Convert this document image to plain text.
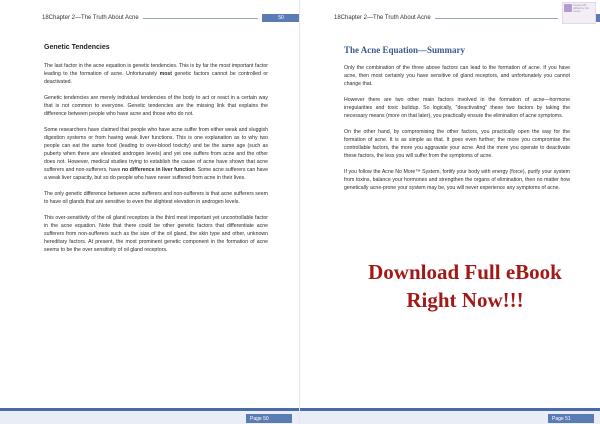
18Chapter 2—The Truth About Acne	50
Genetic Tendencies

The last factor in the acne equation is genetic tendencies. This is by far the most important factor leading to the formation of acne. Unfortunately most genetic factors cannot be controlled or deactivated.

Genetic tendencies are merely individual tendencies of the body to act or react in a certain way that is not common to everyone. Genetic tendencies are the missing link that explains the difference between people who have acne and those who do not.

Some researchers have claimed that people who have acne suffer from either weak and sluggish digestion systems or from having weak liver functions. This is one explanation as to why two people can eat the same food (leading to over-blood toxicity) and be the same age (such as puberty when there are elevated androgen levels) and yet one suffers from acne and the other does not. However, medical studies trying to establish the cause of acne have shown that acne sufferers and non-sufferers, have no difference in liver function. Some acne sufferers can have a weak liver capacity, but so do people who have never suffered from acne in their lives.

The only genetic difference between acne sufferers and non-sufferers is that acne sufferers seem to have oil glands that are sensitive to even the slightest elevation in androgen levels.

This over-sensitivity of the oil gland receptors is the third most important yet uncontrollable factor in the acne equation. Note that there could be other genetic factors that differentiate acne sufferers from non-sufferers such as the size of the oil gland, the skin type and other, unknown hereditary factors. At present, the most prominent genetic component in the formation of acne seems to be the over sensitivity of oil gland receptors.

Page 50
18Chapter 2—The Truth About Acne
Created with pdfFactory trial version
The Acne Equation—Summary

Only the combination of the three above factors can lead to the formation of acne. If you have acne, then most certainly you have sensitive oil gland receptors, and unfortunately you cannot change that.

However there are two other main factors involved in the formation of acne—hormone irregularities and toxic buildup. So logically, "deactivating" these two factors by taking the necessary means (more on that later), you practically ensure the elimination of acne symptoms.

On the other hand, by compromising the other factors, you practically open the way for the formation of acne. It is as simple as that. It goes even further; the more you compromise the controllable factors, the more you aggravate your acne. And the more you operate to deactivate these factors, the less you will suffer from the symptoms of acne.

If you follow the Acne No More™ System, fortify your body with energy (force), purify your system from toxins, balance your hormones and strengthen the organs of elimination, then no matter how genetically acne-prone your system may be, you will never experience any symptoms of acne.

Download Full eBook
Right Now!!!
Page 51
